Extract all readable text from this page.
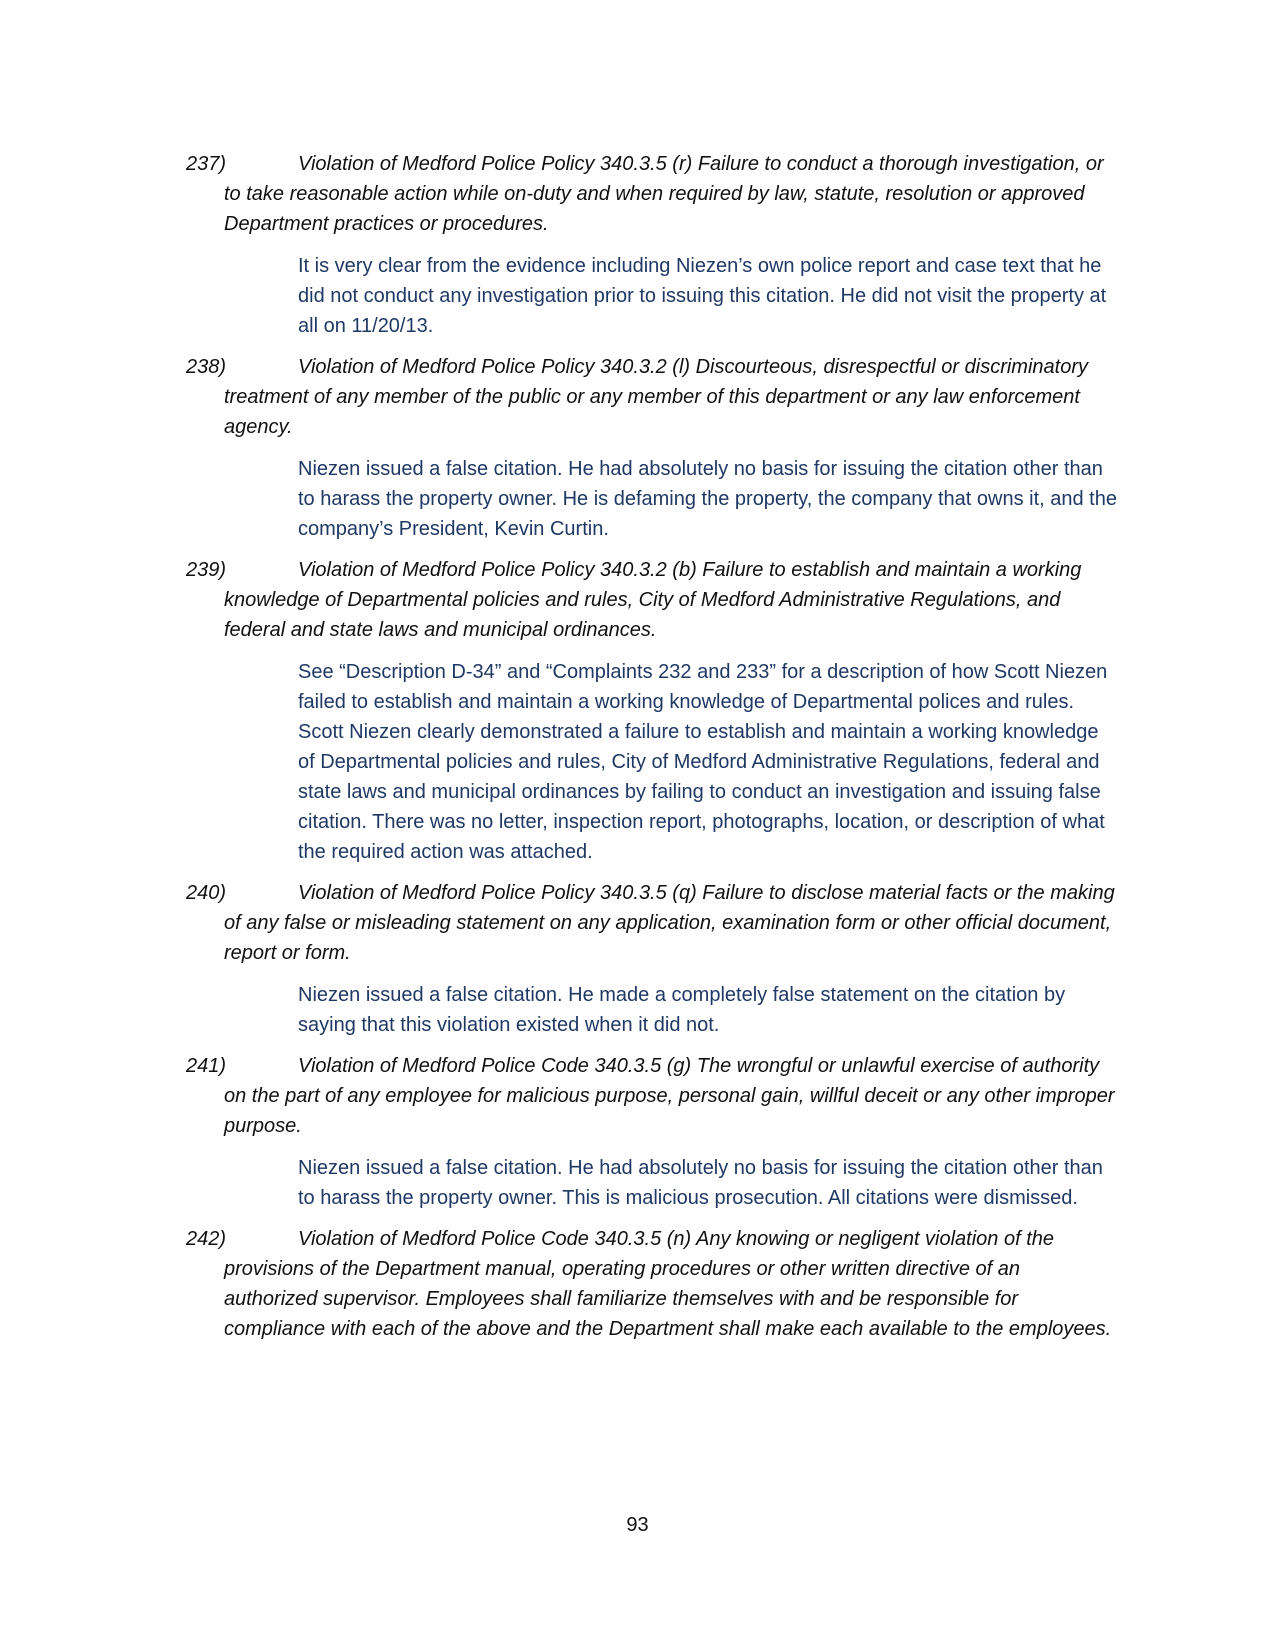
237)	Violation of Medford Police Policy 340.3.5 (r) Failure to conduct a thorough investigation, or to take reasonable action while on-duty and when required by law, statute, resolution or approved Department practices or procedures.

It is very clear from the evidence including Niezen’s own police report and case text that he did not conduct any investigation prior to issuing this citation. He did not visit the property at all on 11/20/13.

238)	Violation of Medford Police Policy 340.3.2 (l) Discourteous, disrespectful or discriminatory treatment of any member of the public or any member of this department or any law enforcement agency.

Niezen issued a false citation. He had absolutely no basis for issuing the citation other than to harass the property owner. He is defaming the property, the company that owns it, and the company’s President, Kevin Curtin.

239)	Violation of Medford Police Policy 340.3.2 (b) Failure to establish and maintain a working knowledge of Departmental policies and rules, City of Medford Administrative Regulations, and federal and state laws and municipal ordinances.

See “Description D-34” and “Complaints 232 and 233” for a description of how Scott Niezen failed to establish and maintain a working knowledge of Departmental polices and rules. Scott Niezen clearly demonstrated a failure to establish and maintain a working knowledge of Departmental policies and rules, City of Medford Administrative Regulations, federal and state laws and municipal ordinances by failing to conduct an investigation and issuing false citation. There was no letter, inspection report, photographs, location, or description of what the required action was attached.

240)	Violation of Medford Police Policy 340.3.5 (q) Failure to disclose material facts or the making of any false or misleading statement on any application, examination form or other official document, report or form.

Niezen issued a false citation. He made a completely false statement on the citation by saying that this violation existed when it did not.

241)	Violation of Medford Police Code 340.3.5 (g) The wrongful or unlawful exercise of authority on the part of any employee for malicious purpose, personal gain, willful deceit or any other improper purpose.

Niezen issued a false citation. He had absolutely no basis for issuing the citation other than to harass the property owner. This is malicious prosecution. All citations were dismissed.

242)	Violation of Medford Police Code 340.3.5 (n) Any knowing or negligent violation of the provisions of the Department manual, operating procedures or other written directive of an authorized supervisor. Employees shall familiarize themselves with and be responsible for compliance with each of the above and the Department shall make each available to the employees.

93
